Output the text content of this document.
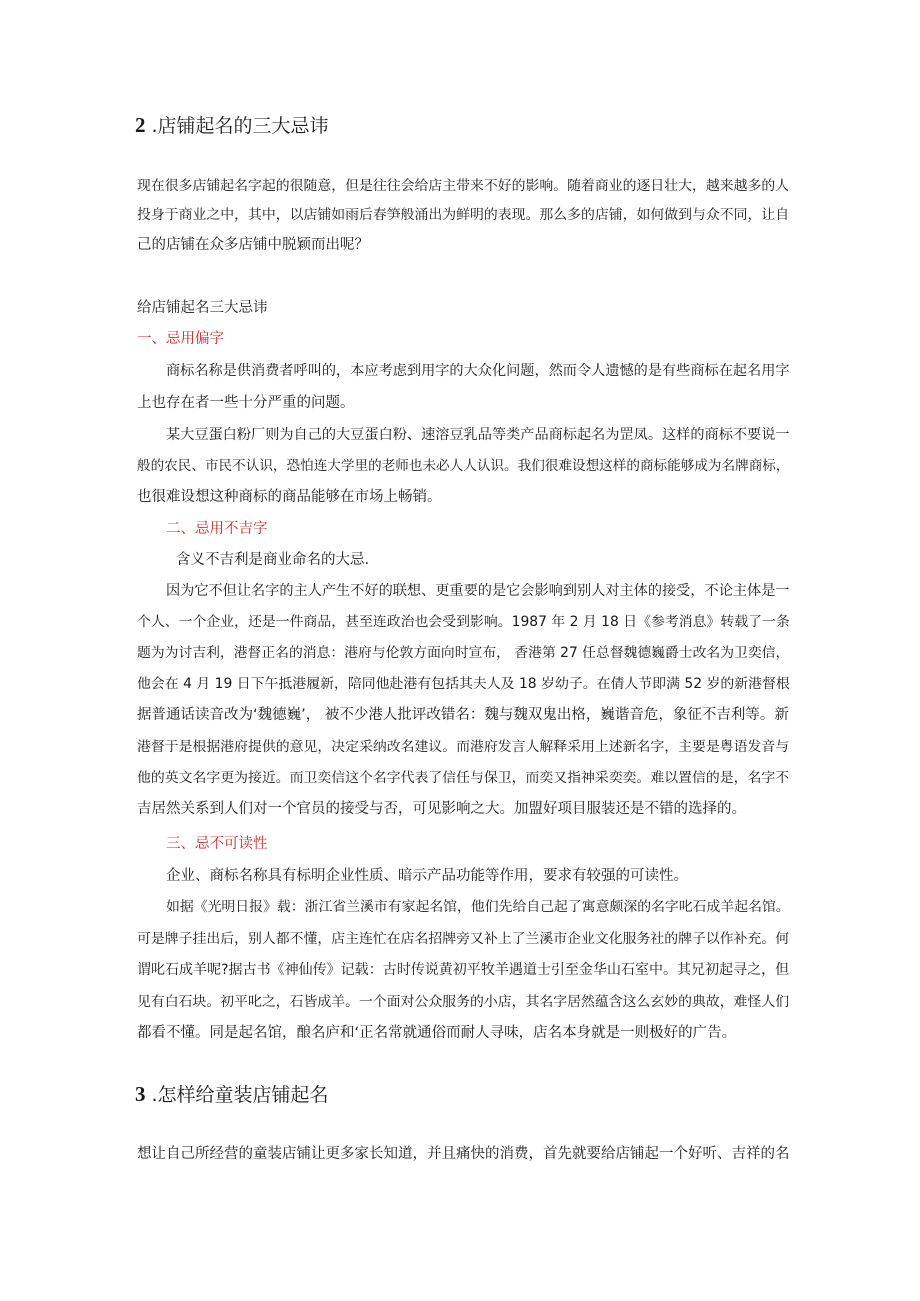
2 .店铺起名的三大忌讳
现在很多店铺起名字起的很随意，但是往往会给店主带来不好的影响。随着商业的逐日壮大，越来越多的人
投身于商业之中，其中，以店铺如雨后春笋般涌出为鲜明的表现。那么多的店铺，如何做到与众不同，让自
己的店铺在众多店铺中脱颖而出呢？
给店铺起名三大忌讳
一、忌用偏字
商标名称是供消费者呼叫的，本应考虑到用字的大众化问题，然而令人遗憾的是有些商标在起名用字
上也存在者一些十分严重的问题。
某大豆蛋白粉厂则为自己的大豆蛋白粉、速溶豆乳品等类产品商标起名为罡凤。这样的商标不要说一
般的农民、市民不认识，恐怕连大学里的老师也未必人人认识。我们很难设想这样的商标能够成为名牌商标，
也很难设想这种商标的商品能够在市场上畅销。
二、忌用不吉字
含义不吉利是商业命名的大忌.
因为它不但让名字的主人产生不好的联想、更重要的是它会影响到别人对主体的接受，不论主体是一
个人、一个企业，还是一件商品，甚至连政治也会受到影响。1987 年 2 月 18 日《参考消息》转载了一条
题为为讨吉利，港督正名的消息：港府与伦敦方面向时宣布， 香港第 27 任总督魏德巍爵士改名为卫奕信，
他会在 4 月 19 日下午抵港履新，陪同他赴港有包括其夫人及 18 岁幼子。在倩人节即满 52 岁的新港督根
据普通话读音改为‘魏德巍’， 被不少港人批评改错名：魏与魏双鬼出格，巍谐音危，象征不吉利等。新
港督于是根据港府提供的意见，决定采纳改名建议。而港府发言人解释采用上述新名字，主要是粤语发音与
他的英文名字更为接近。而卫奕信这个名字代表了信任与保卫，而奕又指神采奕奕。难以置信的是，名字不
吉居然关系到人们对一个官员的接受与否，可见影响之大。加盟好项目服装还是不错的选择的。
三、忌不可读性
企业、商标名称具有标明企业性质、暗示产品功能等作用，要求有较强的可读性。
如据《光明日报》载：浙江省兰溪市有家起名馆，他们先给自己起了寓意颇深的名字叱石成羊起名馆。
可是牌子挂出后，别人都不懂，店主连忙在店名招牌旁又补上了兰溪市企业文化服务社的牌子以作补充。何
谓叱石成羊呢?据古书《神仙传》记载：古时传说黄初平牧羊遇道士引至金华山石室中。其兄初起寻之，但
见有白石块。初平叱之，石皆成羊。一个面对公众服务的小店，其名字居然蕴含这么玄妙的典故，难怪人们
都看不懂。同是起名馆，酿名庐和‘正名常就通俗而耐人寻味，店名本身就是一则极好的广告。
3 .怎样给童装店铺起名
想让自己所经营的童装店铺让更多家长知道，并且痛快的消费，首先就要给店铺起一个好听、吉祥的名
